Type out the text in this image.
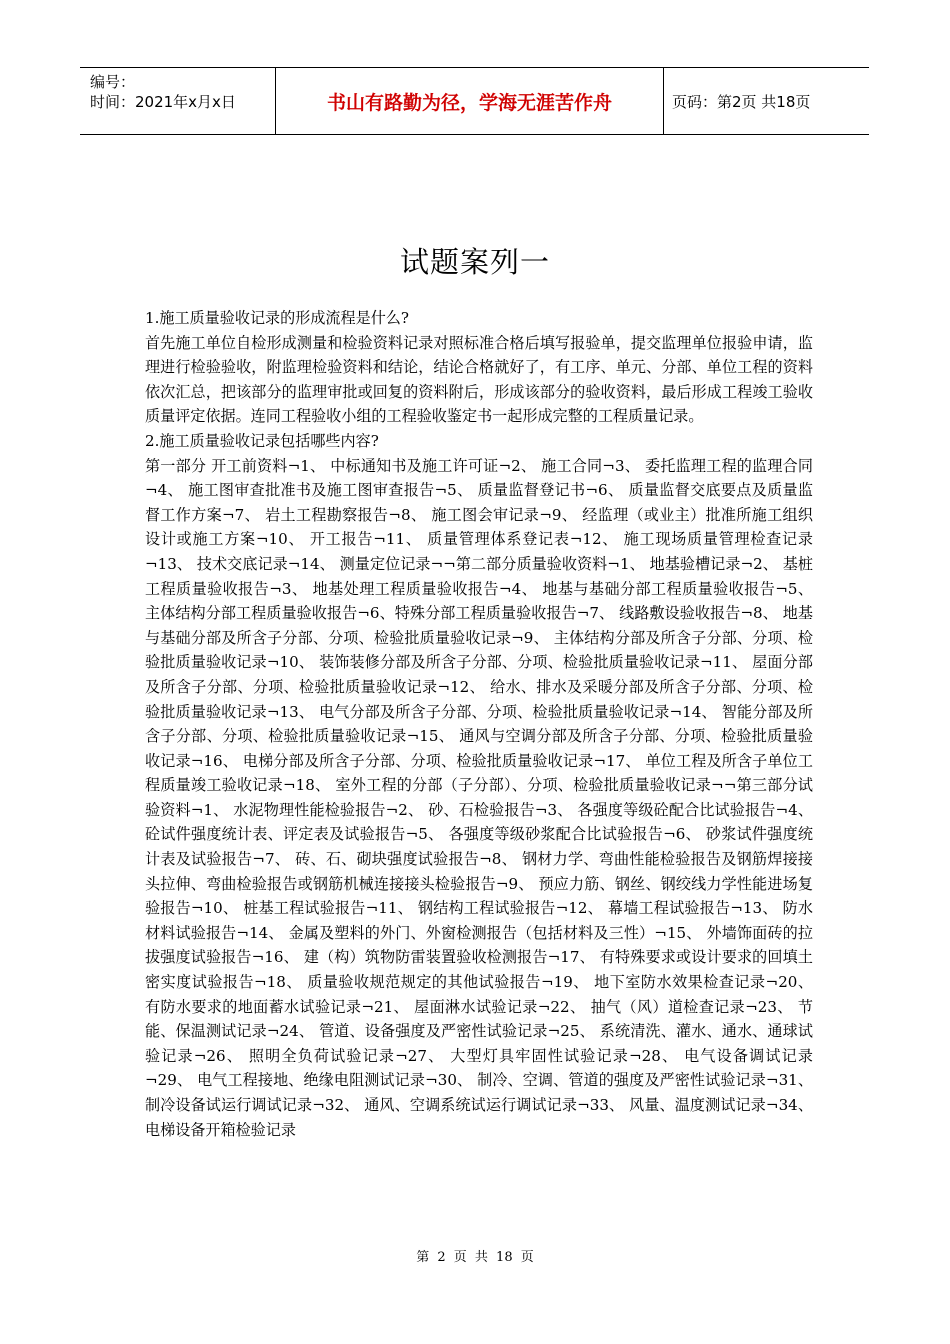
编号：
时间：2021年x月x日	书山有路勤为径，学海无涯苦作舟	页码：第2页 共18页
试题案列一

1.施工质量验收记录的形成流程是什么?

首先施工单位自检形成测量和检验资料记录对照标准合格后填写报验单，提交监理单位报验申请，监理进行检验验收，附监理检验资料和结论，结论合格就好了，有工序、单元、分部、单位工程的资料依次汇总，把该部分的监理审批或回复的资料附后，形成该部分的验收资料，最后形成工程竣工验收质量评定依据。连同工程验收小组的工程验收鉴定书一起形成完整的工程质量记录。

2.施工质量验收记录包括哪些内容?

第一部分 开工前资料¬1、 中标通知书及施工许可证¬2、 施工合同¬3、 委托监理工程的监理合同¬4、 施工图审查批准书及施工图审查报告¬5、 质量监督登记书¬6、 质量监督交底要点及质量监督工作方案¬7、 岩土工程勘察报告¬8、 施工图会审记录¬9、 经监理（或业主）批准所施工组织设计或施工方案¬10、 开工报告¬11、 质量管理体系登记表¬12、 施工现场质量管理检查记录¬13、 技术交底记录¬14、 测量定位记录¬¬第二部分质量验收资料¬1、 地基验槽记录¬2、 基桩工程质量验收报告¬3、 地基处理工程质量验收报告¬4、 地基与基础分部工程质量验收报告¬5、 主体结构分部工程质量验收报告¬6、特殊分部工程质量验收报告¬7、 线路敷设验收报告¬8、 地基与基础分部及所含子分部、分项、检验批质量验收记录¬9、 主体结构分部及所含子分部、分项、检验批质量验收记录¬10、 装饰装修分部及所含子分部、分项、检验批质量验收记录¬11、 屋面分部及所含子分部、分项、检验批质量验收记录¬12、 给水、排水及采暖分部及所含子分部、分项、检验批质量验收记录¬13、 电气分部及所含子分部、分项、检验批质量验收记录¬14、 智能分部及所含子分部、分项、检验批质量验收记录¬15、 通风与空调分部及所含子分部、分项、检验批质量验收记录¬16、 电梯分部及所含子分部、分项、检验批质量验收记录¬17、 单位工程及所含子单位工程质量竣工验收记录¬18、 室外工程的分部（子分部）、分项、检验批质量验收记录¬¬第三部分试验资料¬1、 水泥物理性能检验报告¬2、 砂、石检验报告¬3、 各强度等级砼配合比试验报告¬4、 砼试件强度统计表、评定表及试验报告¬5、 各强度等级砂浆配合比试验报告¬6、 砂浆试件强度统计表及试验报告¬7、 砖、石、砌块强度试验报告¬8、 钢材力学、弯曲性能检验报告及钢筋焊接接头拉伸、弯曲检验报告或钢筋机械连接接头检验报告¬9、 预应力筋、钢丝、钢绞线力学性能进场复验报告¬10、 桩基工程试验报告¬11、 钢结构工程试验报告¬12、 幕墙工程试验报告¬13、 防水材料试验报告¬14、 金属及塑料的外门、外窗检测报告（包括材料及三性）¬15、 外墙饰面砖的拉拔强度试验报告¬16、 建（构）筑物防雷装置验收检测报告¬17、 有特殊要求或设计要求的回填土密实度试验报告¬18、 质量验收规范规定的其他试验报告¬19、 地下室防水效果检查记录¬20、 有防水要求的地面蓄水试验记录¬21、 屋面淋水试验记录¬22、 抽气（风）道检查记录¬23、 节能、保温测试记录¬24、 管道、设备强度及严密性试验记录¬25、 系统清洗、灌水、通水、通球试验记录¬26、 照明全负荷试验记录¬27、 大型灯具牢固性试验记录¬28、 电气设备调试记录¬29、 电气工程接地、绝缘电阻测试记录¬30、 制冷、空调、管道的强度及严密性试验记录¬31、 制冷设备试运行调试记录¬32、 通风、空调系统试运行调试记录¬33、 风量、温度测试记录¬34、 电梯设备开箱检验记录

第 2 页 共 18 页
